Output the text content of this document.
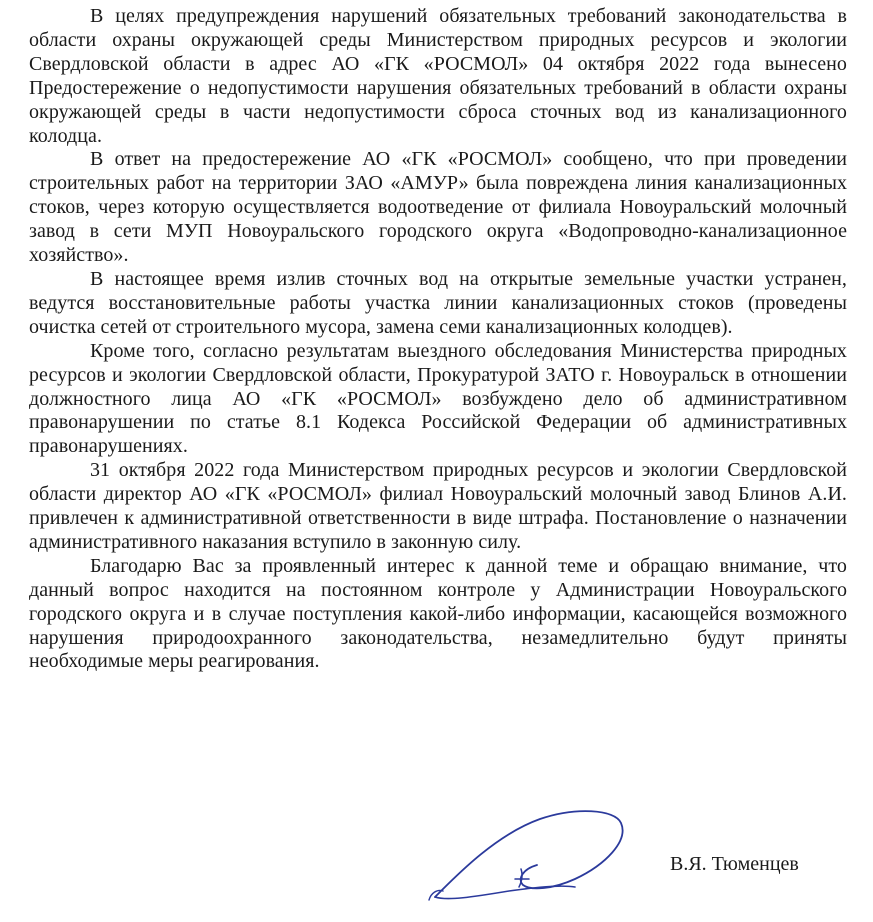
В целях предупреждения нарушений обязательных требований законодательства в области охраны окружающей среды Министерством природных ресурсов и экологии Свердловской области в адрес АО «ГК «РОСМОЛ» 04 октября 2022 года вынесено Предостережение о недопустимости нарушения обязательных требований в области охраны окружающей среды в части недопустимости сброса сточных вод из канализационного колодца.

В ответ на предостережение АО «ГК «РОСМОЛ» сообщено, что при проведении строительных работ на территории ЗАО «АМУР» была повреждена линия канализационных стоков, через которую осуществляется водоотведение от филиала Новоуральский молочный завод в сети МУП Новоуральского городского округа «Водопроводно-канализационное хозяйство».

В настоящее время излив сточных вод на открытые земельные участки устранен, ведутся восстановительные работы участка линии канализационных стоков (проведены очистка сетей от строительного мусора, замена семи канализационных колодцев).

Кроме того, согласно результатам выездного обследования Министерства природных ресурсов и экологии Свердловской области, Прокуратурой ЗАТО г. Новоуральск в отношении должностного лица АО «ГК «РОСМОЛ» возбуждено дело об административном правонарушении по статье 8.1 Кодекса Российской Федерации об административных правонарушениях.

31 октября 2022 года Министерством природных ресурсов и экологии Свердловской области директор АО «ГК «РОСМОЛ» филиал Новоуральский молочный завод Блинов А.И. привлечен к административной ответственности в виде штрафа. Постановление о назначении административного наказания вступило в законную силу.

Благодарю Вас за проявленный интерес к данной теме и обращаю внимание, что данный вопрос находится на постоянном контроле у Администрации Новоуральского городского округа и в случае поступления какой-либо информации, касающейся возможного нарушения природоохранного законодательства, незамедлительно будут приняты необходимые меры реагирования.

В.Я. Тюменцев
